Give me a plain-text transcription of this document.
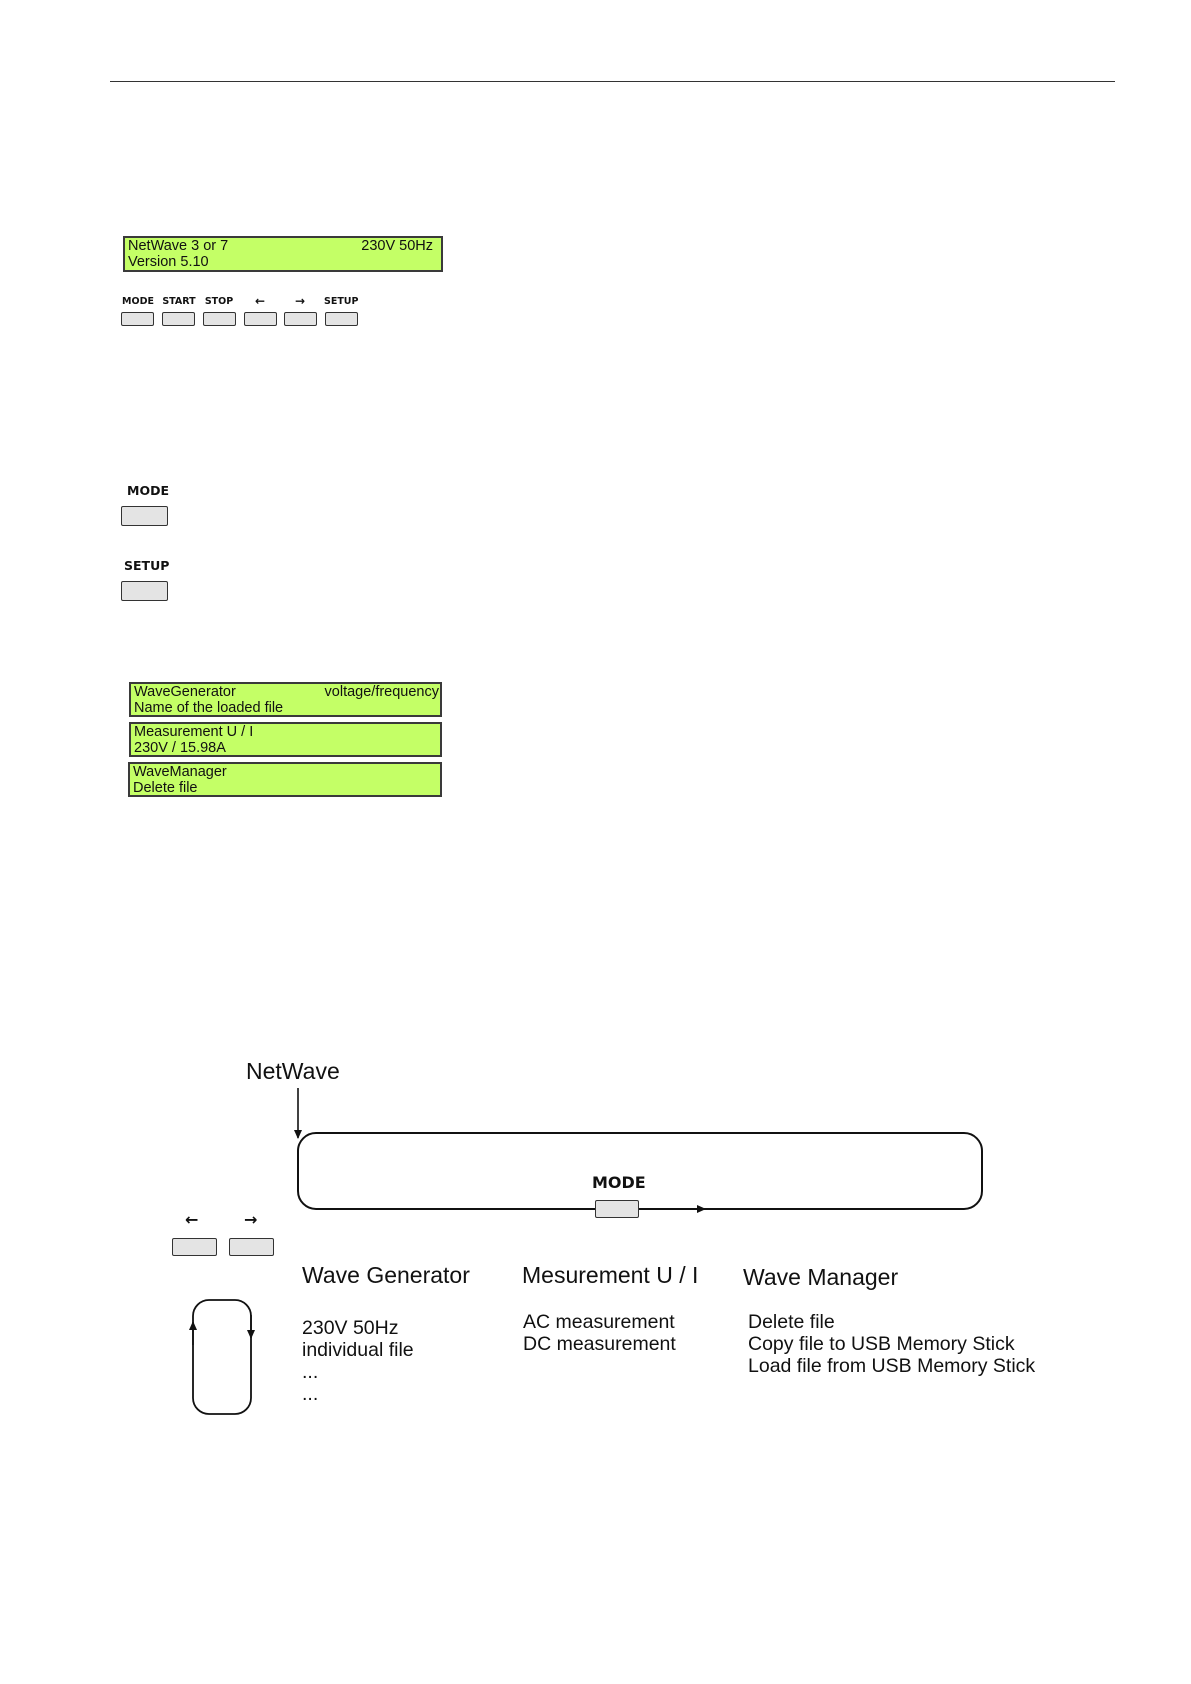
NetWave 3 or 7	230V 50Hz
Version 5.10
MODE START STOP	←	→	SETUP
MODE
SETUP
WaveGenerator	voltage/frequency
Name of the loaded file
Measurement U / I
230V / 15.98A
WaveManager
Delete file
NetWave
MODE
←	→
Wave Generator
230V 50Hz
individual file
...
...
Mesurement U / I
AC measurement
DC measurement
Wave Manager
Delete file
Copy file to USB Memory Stick
Load file from USB Memory Stick
